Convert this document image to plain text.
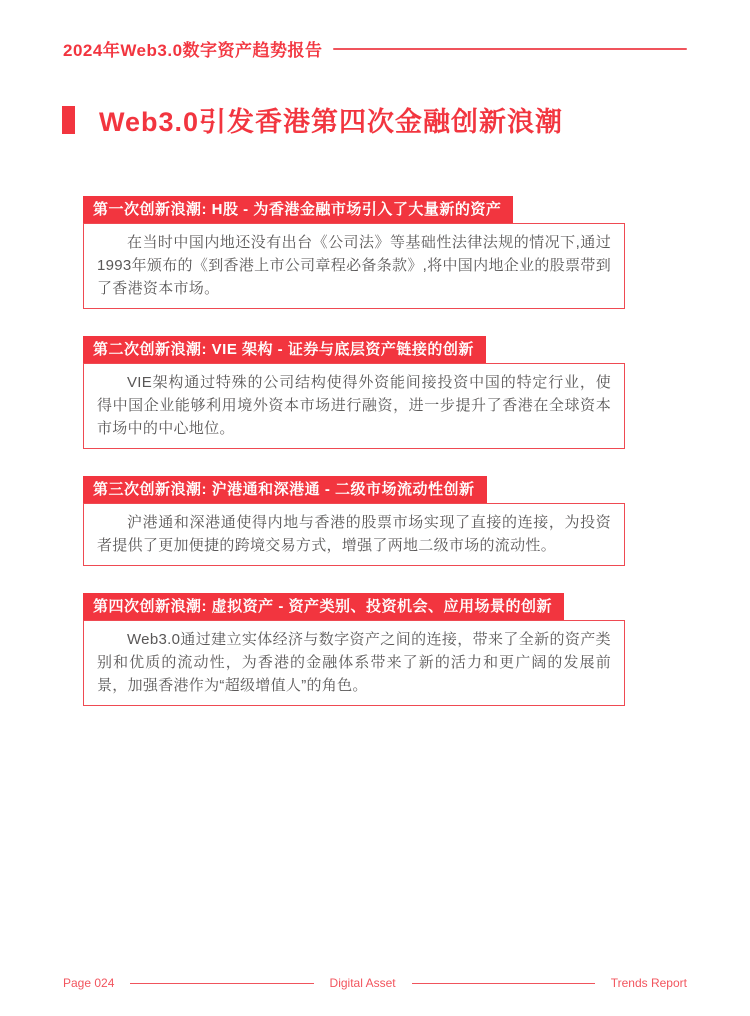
2024年Web3.0数字资产趋势报告
Web3.0引发香港第四次金融创新浪潮
第一次创新浪潮: H股 - 为香港金融市场引入了大量新的资产

在当时中国内地还没有出台《公司法》等基础性法律法规的情况下,通过1993年颁布的《到香港上市公司章程必备条款》,将中国内地企业的股票带到了香港资本市场。

第二次创新浪潮: VIE 架构 - 证券与底层资产链接的创新

VIE架构通过特殊的公司结构使得外资能间接投资中国的特定行业，使得中国企业能够利用境外资本市场进行融资，进一步提升了香港在全球资本市场中的中心地位。

第三次创新浪潮: 沪港通和深港通 - 二级市场流动性创新

沪港通和深港通使得内地与香港的股票市场实现了直接的连接，为投资者提供了更加便捷的跨境交易方式，增强了两地二级市场的流动性。

第四次创新浪潮: 虚拟资产 - 资产类别、投资机会、应用场景的创新

Web3.0通过建立实体经济与数字资产之间的连接，带来了全新的资产类别和优质的流动性，为香港的金融体系带来了新的活力和更广阔的发展前景，加强香港作为“超级增值人”的角色。

Page 024	Digital Asset	Trends Report
